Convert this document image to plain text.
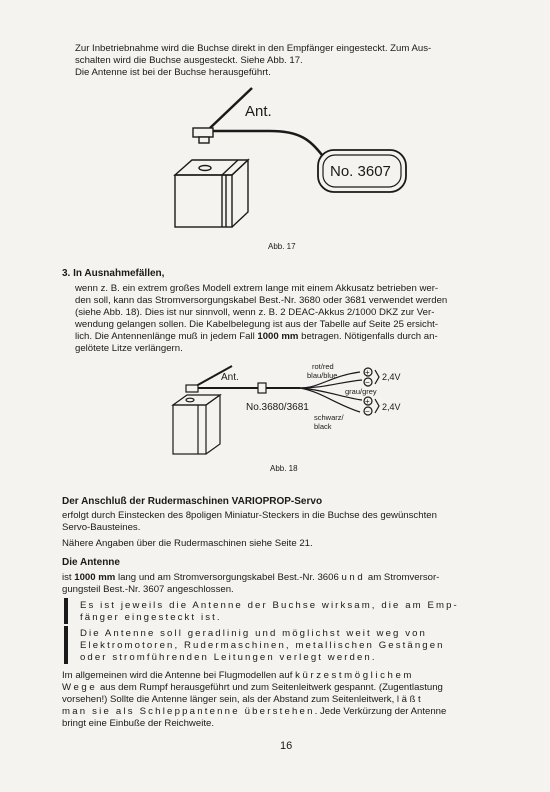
Zur Inbetriebnahme wird die Buchse direkt in den Empfänger eingesteckt. Zum Aus-

schalten wird die Buchse ausgesteckt. Siehe Abb. 17.

Die Antenne ist bei der Buchse herausgeführt.

Ant.
No. 3607
Abb. 17
3. In Ausnahmefällen,

wenn z. B. ein extrem großes Modell extrem lange mit einem Akkusatz betrieben wer-

den soll, kann das Stromversorgungskabel Best.-Nr. 3680 oder 3681 verwendet werden

(siehe Abb. 18). Dies ist nur sinnvoll, wenn z. B. 2 DEAC-Akkus 2/1000 DKZ zur Ver-

wendung gelangen sollen. Die Kabelbelegung ist aus der Tabelle auf Seite 25 ersicht-

lich. Die Antennenlänge muß in jedem Fall 1000 mm betragen. Nötigenfalls durch an-

gelötete Litze verlängern.

Ant.
No.3680/3681
rot/red
blau/blue
grau/grey
schwarz/
black
+
−
+
−
2,4V
2,4V
Abb. 18
Der Anschluß der Rudermaschinen VARIOPROP-Servo

erfolgt durch Einstecken des 8poligen Miniatur-Steckers in die Buchse des gewünschten

Servo-Bausteines.

Nähere Angaben über die Rudermaschinen siehe Seite 21.

Die Antenne

ist 1000 mm lang und am Stromversorgungskabel Best.-Nr. 3606 und am Stromversor-

gungsteil Best.-Nr. 3607 angeschlossen.

Es ist jeweils die Antenne der Buchse wirksam, die am Emp-

fänger eingesteckt ist.

Die Antenne soll geradlinig und möglichst weit weg von

Elektromotoren, Rudermaschinen, metallischen Gestängen

oder stromführenden Leitungen verlegt werden.

Im allgemeinen wird die Antenne bei Flugmodellen auf kürzestmöglichem

Wege aus dem Rumpf herausgeführt und zum Seitenleitwerk gespannt. (Zugentlastung

vorsehen!) Sollte die Antenne länger sein, als der Abstand zum Seitenleitwerk, läßt

man sie als Schleppantenne überstehen. Jede Verkürzung der Antenne

bringt eine Einbuße der Reichweite.

16
